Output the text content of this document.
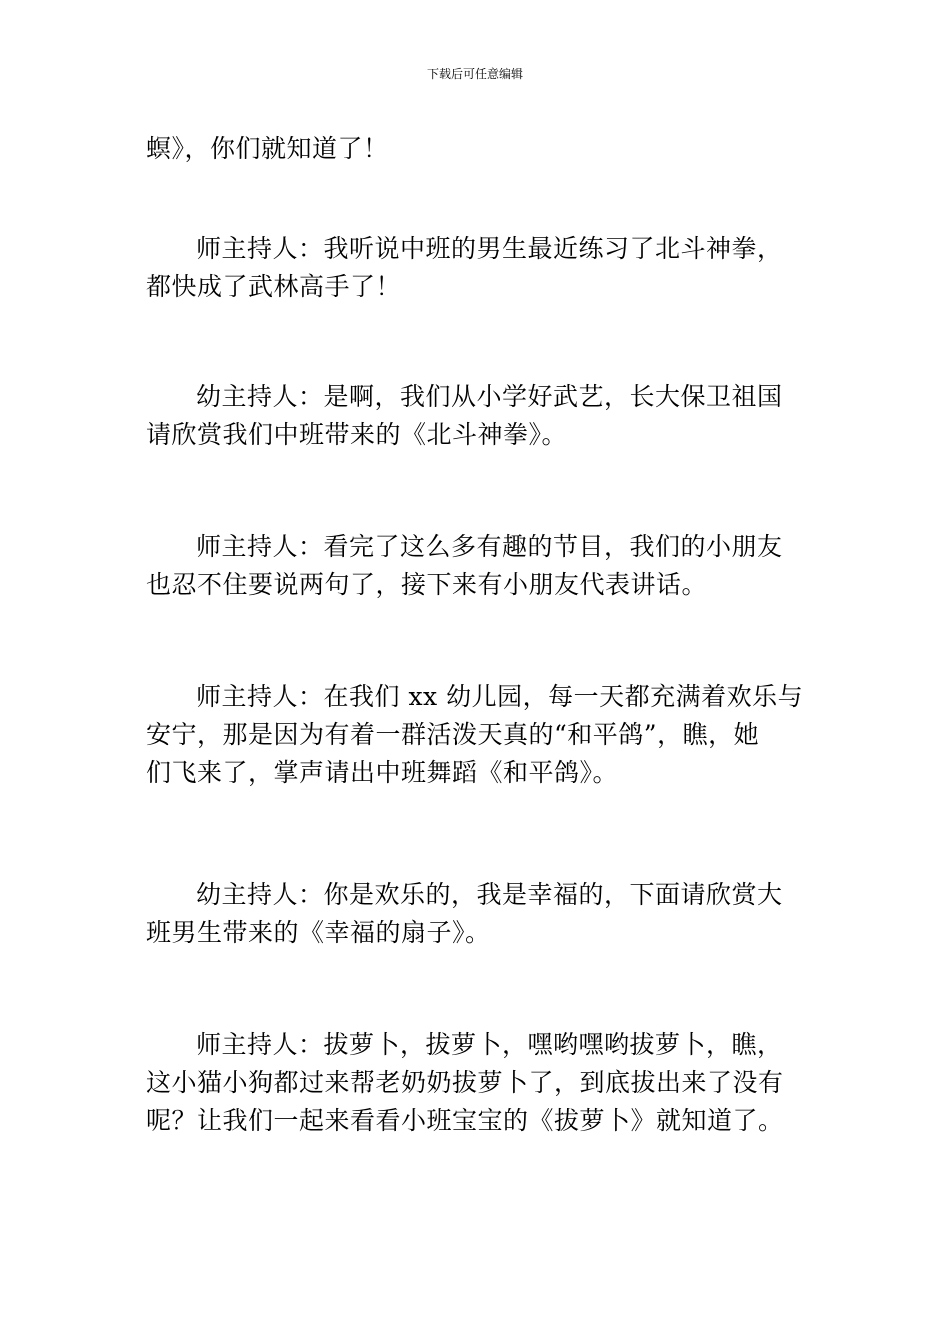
下载后可任意编辑
螟》，你们就知道了！
师主持人：我听说中班的男生最近练习了北斗神拳，
都快成了武林高手了！
幼主持人：是啊，我们从小学好武艺，长大保卫祖国
请欣赏我们中班带来的《北斗神拳》。
师主持人：看完了这么多有趣的节目，我们的小朋友
也忍不住要说两句了，接下来有小朋友代表讲话。
师主持人：在我们 xx 幼儿园，每一天都充满着欢乐与
安宁，那是因为有着一群活泼天真的“和平鸽”，瞧，她
们飞来了，掌声请出中班舞蹈《和平鸽》。
幼主持人：你是欢乐的，我是幸福的，下面请欣赏大
班男生带来的《幸福的扇子》。
师主持人：拔萝卜，拔萝卜，嘿哟嘿哟拔萝卜，瞧，
这小猫小狗都过来帮老奶奶拔萝卜了，到底拔出来了没有
呢？让我们一起来看看小班宝宝的《拔萝卜》就知道了。
